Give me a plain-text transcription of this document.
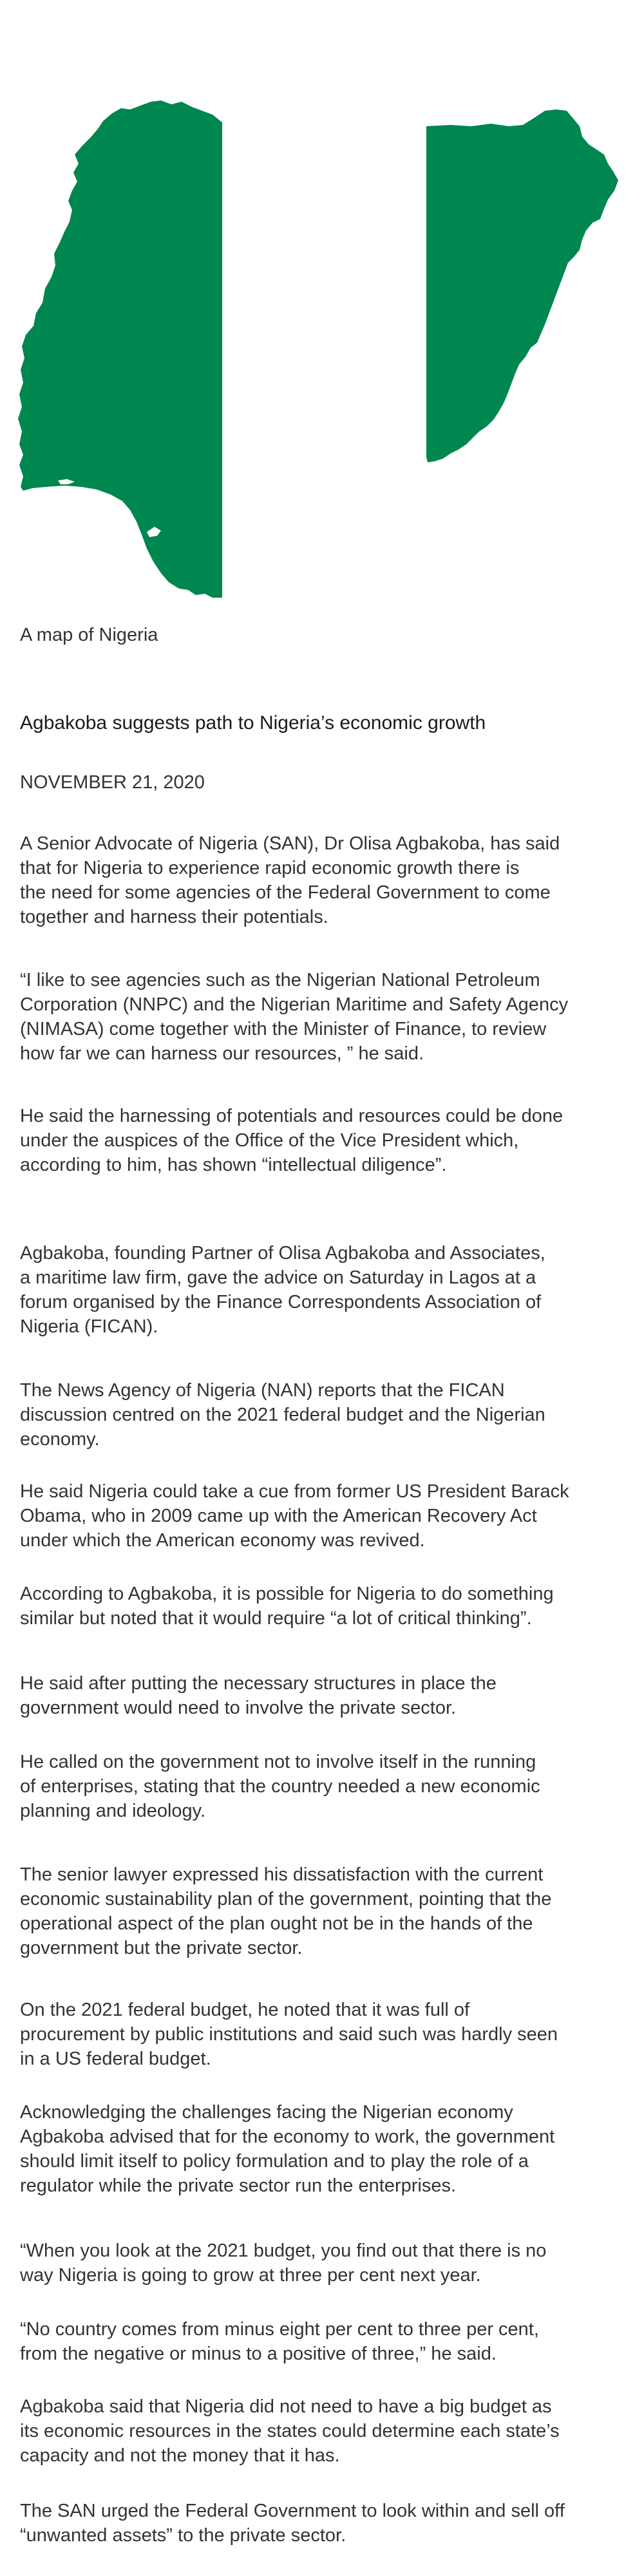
A map of Nigeria

Agbakoba suggests path to Nigeria’s economic growth

NOVEMBER 21, 2020

A Senior Advocate of Nigeria (SAN), Dr Olisa Agbakoba, has said
that for Nigeria to experience rapid economic growth there is
the need for some agencies of the Federal Government to come
together and harness their potentials.

“I like to see agencies such as the Nigerian National Petroleum
Corporation (NNPC) and the Nigerian Maritime and Safety Agency
(NIMASA) come together with the Minister of Finance, to review
how far we can harness our resources, ” he said.

He said the harnessing of potentials and resources could be done
under the auspices of the Office of the Vice President which,
according to him, has shown “intellectual diligence”.

Agbakoba, founding Partner of Olisa Agbakoba and Associates,
a maritime law firm, gave the advice on Saturday in Lagos at a
forum organised by the Finance Correspondents Association of
Nigeria (FICAN).

The News Agency of Nigeria (NAN) reports that the FICAN
discussion centred on the 2021 federal budget and the Nigerian
economy.

He said Nigeria could take a cue from former US President Barack
Obama, who in 2009 came up with the American Recovery Act
under which the American economy was revived.

According to Agbakoba, it is possible for Nigeria to do something
similar but noted that it would require “a lot of critical thinking”.

He said after putting the necessary structures in place the
government would need to involve the private sector.

He called on the government not to involve itself in the running
of enterprises, stating that the country needed a new economic
planning and ideology.

The senior lawyer expressed his dissatisfaction with the current
economic sustainability plan of the government, pointing that the
operational aspect of the plan ought not be in the hands of the
government but the private sector.

On the 2021 federal budget, he noted that it was full of
procurement by public institutions and said such was hardly seen
in a US federal budget.

Acknowledging the challenges facing the Nigerian economy
Agbakoba advised that for the economy to work, the government
should limit itself to policy formulation and to play the role of a
regulator while the private sector run the enterprises.

“When you look at the 2021 budget, you find out that there is no
way Nigeria is going to grow at three per cent next year.

“No country comes from minus eight per cent to three per cent,
from the negative or minus to a positive of three,” he said.

Agbakoba said that Nigeria did not need to have a big budget as
its economic resources in the states could determine each state’s
capacity and not the money that it has.

The SAN urged the Federal Government to look within and sell off
“unwanted assets” to the private sector.
